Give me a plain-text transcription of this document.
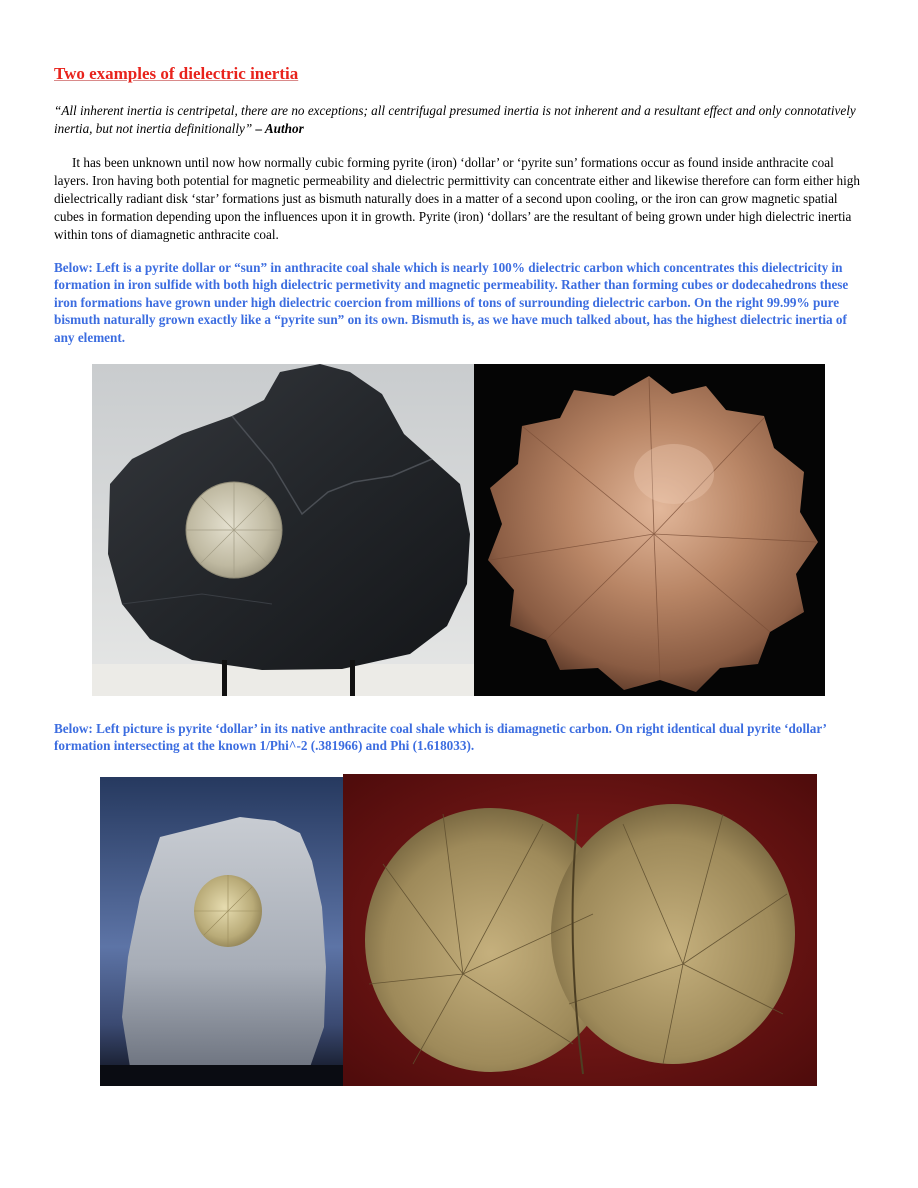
Two examples of dielectric inertia

“All inherent inertia is centripetal, there are no exceptions; all centrifugal presumed inertia is not inherent and a resultant effect and only connotatively inertia, but not inertia definitionally” – Author

It has been unknown until now how normally cubic forming pyrite (iron) ‘dollar’ or ‘pyrite sun’ formations occur as found inside anthracite coal layers. Iron having both potential for magnetic permeability and dielectric permittivity can concentrate either and likewise therefore can form either high dielectrically radiant disk ‘star’ formations just as bismuth naturally does in a matter of a second upon cooling, or the iron can grow magnetic spatial cubes in formation depending upon the influences upon it in growth. Pyrite (iron) ‘dollars’ are the resultant of being grown under high dielectric inertia within tons of diamagnetic anthracite coal.

Below: Left is a pyrite dollar or “sun” in anthracite coal shale which is nearly 100% dielectric carbon which concentrates this dielectricity in formation in iron sulfide with both high dielectric permetivity and magnetic permeability. Rather than forming cubes or dodecahedrons these iron formations have grown under high dielectric coercion from millions of tons of surrounding dielectric carbon. On the right 99.99% pure bismuth naturally grown exactly like a “pyrite sun” on its own. Bismuth is, as we have much talked about, has the highest dielectric inertia of any element.

Below: Left picture is pyrite ‘dollar’ in its native anthracite coal shale which is diamagnetic carbon. On right identical dual pyrite ‘dollar’ formation intersecting at the known 1/Phi^-2 (.381966) and Phi (1.618033).
